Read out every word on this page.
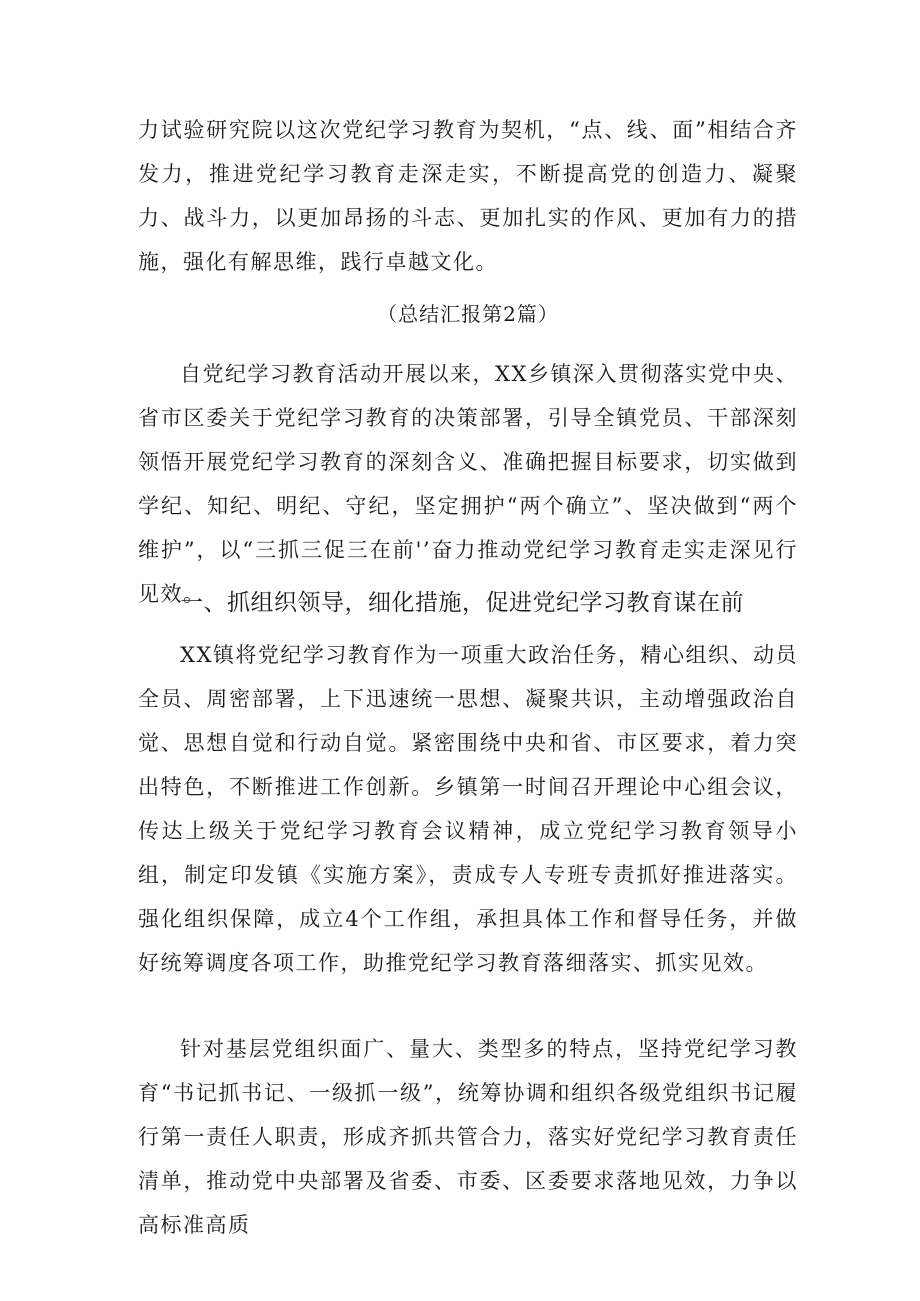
力试验研究院以这次党纪学习教育为契机，“点、线、面”相结合齐发力，推进党纪学习教育走深走实，不断提高党的创造力、凝聚力、战斗力，以更加昂扬的斗志、更加扎实的作风、更加有力的措施，强化有解思维，践行卓越文化。

（总结汇报第2篇）

自党纪学习教育活动开展以来，XX乡镇深入贯彻落实党中央、省市区委关于党纪学习教育的决策部署，引导全镇党员、干部深刻领悟开展党纪学习教育的深刻含义、准确把握目标要求，切实做到学纪、知纪、明纪、守纪，坚定拥护“两个确立”、坚决做到“两个维护”，以“三抓三促三在前'’奋力推动党纪学习教育走实走深见行见效。

一、抓组织领导，细化措施，促进党纪学习教育谋在前

XX镇将党纪学习教育作为一项重大政治任务，精心组织、动员全员、周密部署，上下迅速统一思想、凝聚共识，主动增强政治自觉、思想自觉和行动自觉。紧密围绕中央和省、市区要求，着力突出特色，不断推进工作创新。乡镇第一时间召开理论中心组会议，传达上级关于党纪学习教育会议精神，成立党纪学习教育领导小组，制定印发镇《实施方案》，责成专人专班专责抓好推进落实。强化组织保障，成立4个工作组，承担具体工作和督导任务，并做好统筹调度各项工作，助推党纪学习教育落细落实、抓实见效。

针对基层党组织面广、量大、类型多的特点，坚持党纪学习教育“书记抓书记、一级抓一级”，统筹协调和组织各级党组织书记履行第一责任人职责，形成齐抓共管合力，落实好党纪学习教育责任清单，推动党中央部署及省委、市委、区委要求落地见效，力争以高标准高质
